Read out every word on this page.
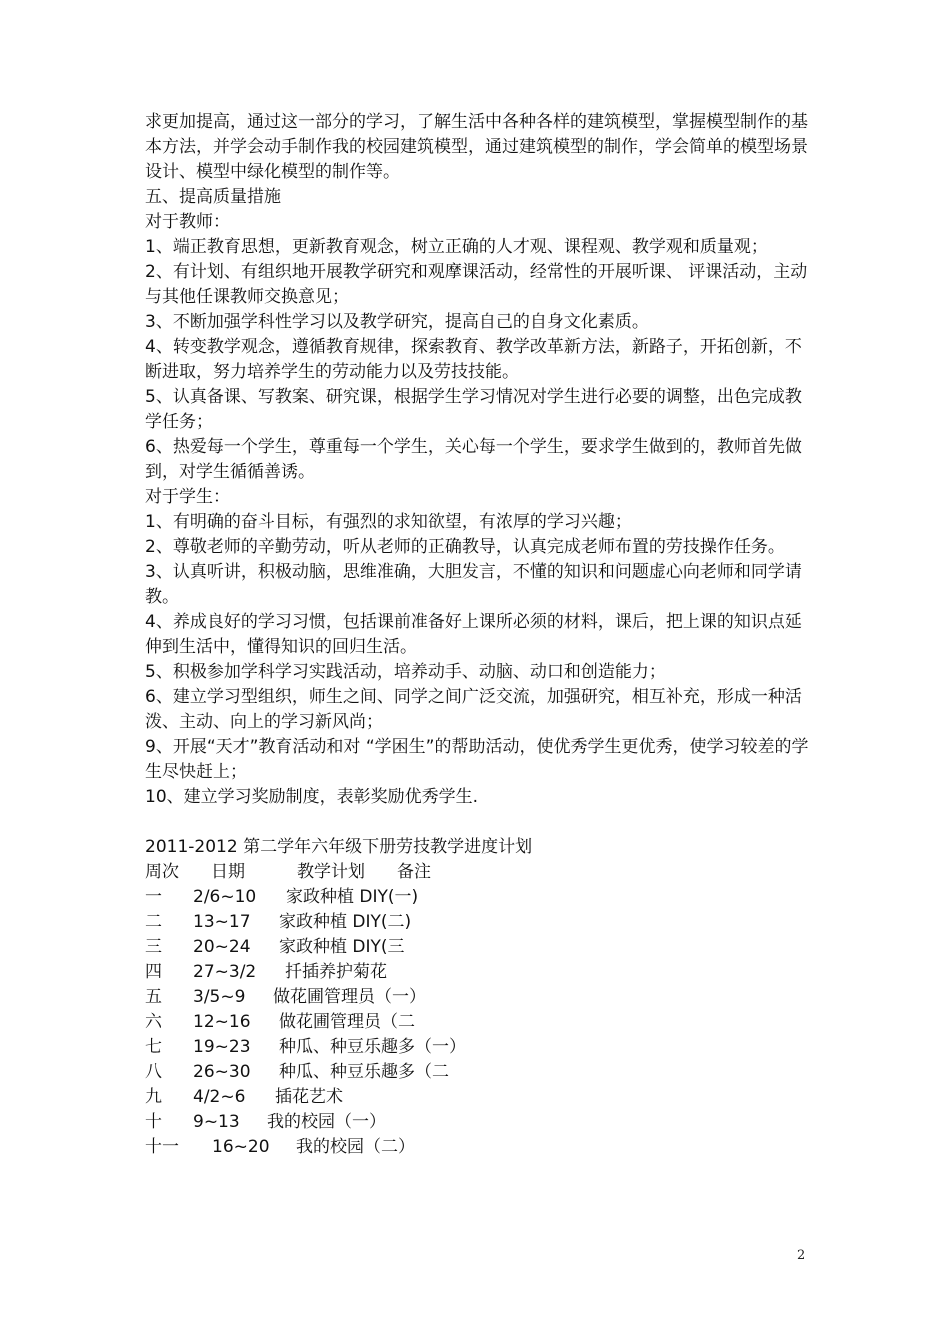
求更加提高，通过这一部分的学习，了解生活中各种各样的建筑模型，掌握模型制作的基本方法，并学会动手制作我的校园建筑模型，通过建筑模型的制作，学会简单的模型场景设计、模型中绿化模型的制作等。

五、提高质量措施

对于教师：

1、端正教育思想，更新教育观念，树立正确的人才观、课程观、教学观和质量观；

2、有计划、有组织地开展教学研究和观摩课活动，经常性的开展听课、 评课活动，主动与其他任课教师交换意见；

3、不断加强学科性学习以及教学研究，提高自己的自身文化素质。

4、转变教学观念，遵循教育规律，探索教育、教学改革新方法，新路子，开拓创新，不断进取，努力培养学生的劳动能力以及劳技技能。

5、认真备课、写教案、研究课，根据学生学习情况对学生进行必要的调整，出色完成教学任务；

6、热爱每一个学生，尊重每一个学生，关心每一个学生，要求学生做到的，教师首先做到，对学生循循善诱。

对于学生：

1、有明确的奋斗目标，有强烈的求知欲望，有浓厚的学习兴趣；

2、尊敬老师的辛勤劳动，听从老师的正确教导，认真完成老师布置的劳技操作任务。

3、认真听讲，积极动脑，思维准确，大胆发言，不懂的知识和问题虚心向老师和同学请教。

4、养成良好的学习习惯，包括课前准备好上课所必须的材料，课后，把上课的知识点延伸到生活中，懂得知识的回归生活。

5、积极参加学科学习实践活动，培养动手、动脑、动口和创造能力；

6、建立学习型组织，师生之间、同学之间广泛交流，加强研究，相互补充，形成一种活泼、主动、向上的学习新风尚；

9、开展“天才”教育活动和对 “学困生”的帮助活动，使优秀学生更优秀，使学习较差的学生尽快赶上；

10、建立学习奖励制度，表彰奖励优秀学生.

2011-2012 第二学年六年级下册劳技教学进度计划

周次 日期	教学计划 备注
一 2/6~10 家政种植 DIY(一)
二 13~17 家政种植 DIY(二)
三 20~24 家政种植 DIY(三
四 27~3/2 扦插养护菊花
五 3/5~9 做花圃管理员（一）
六 12~16 做花圃管理员（二
七 19~23 种瓜、种豆乐趣多（一）
八 26~30 种瓜、种豆乐趣多（二
九 4/2~6 插花艺术
十 9~13 我的校园（一）
十一 16~20 我的校园（二）
2
